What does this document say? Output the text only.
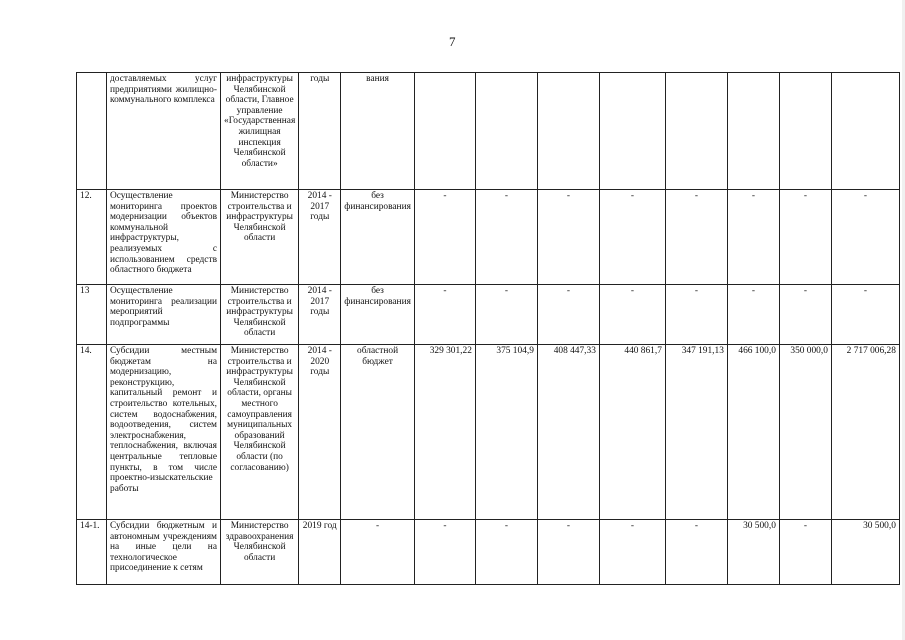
7
	доставляемых услуг предприятиями жилищно-коммунального комплекса	инфраструктуры Челябинской области, Главное управление «Государственная жилищная инспекция Челябинской области»	годы	вания								
12.	Осуществление мониторинга проектов модернизации объектов коммунальной инфраструктуры, реализуемых с использованием средств областного бюджета	Министерство строительства и инфраструктуры Челябинской области	2014 - 2017 годы	без финансирования	-	-	-	-	-	-	-	-
13	Осуществление мониторинга реализации мероприятий подпрограммы	Министерство строительства и инфраструктуры Челябинской области	2014 - 2017 годы	без финансирования	-	-	-	-	-	-	-	-
14.	Субсидии местным бюджетам на модернизацию, реконструкцию, капитальный ремонт и строительство котельных, систем водоснабжения, водоотведения, систем электроснабжения, теплоснабжения, включая центральные тепловые пункты, в том числе проектно-изыскательские работы	Министерство строительства и инфраструктуры Челябинской области, органы местного самоуправления муниципальных образований Челябинской области (по согласованию)	2014 - 2020 годы	областной бюджет	329 301,22	375 104,9	408 447,33	440 861,7	347 191,13	466 100,0	350 000,0	2 717 006,28
14-1.	Субсидии бюджетным и автономным учреждениям на иные цели на технологическое присоединение к сетям	Министерство здравоохранения Челябинской области	2019 год	-	-	-	-	-	-	30 500,0	-	30 500,0
